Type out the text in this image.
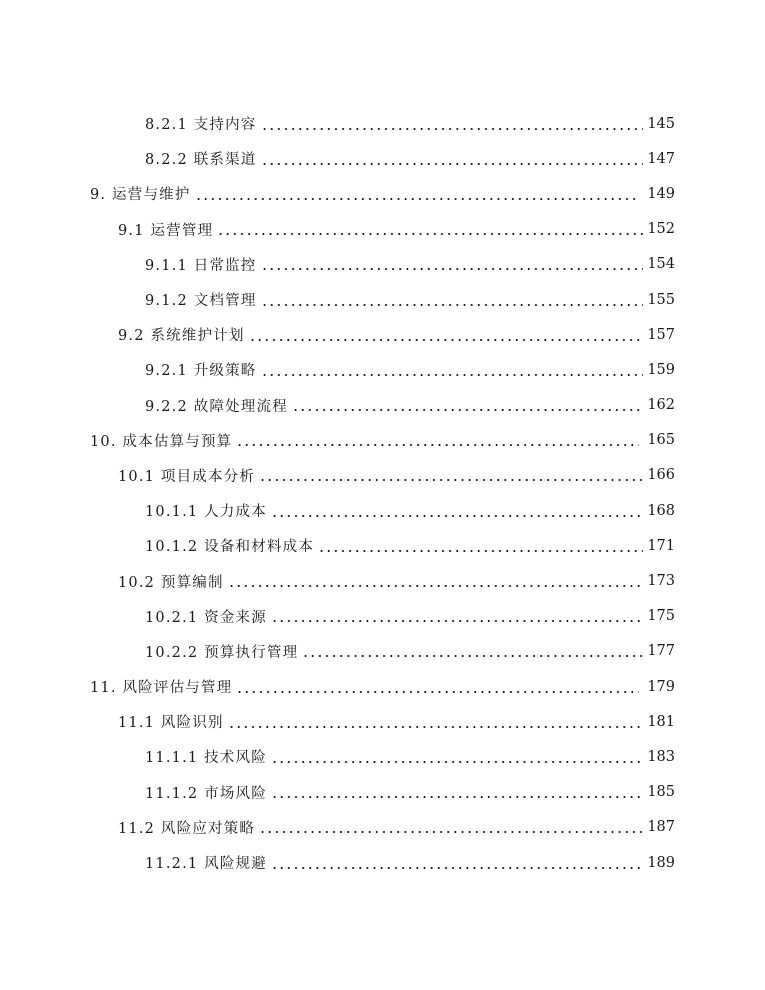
8.2.1 支持内容	145
8.2.2 联系渠道	147
9. 运营与维护	149
9.1 运营管理	152
9.1.1 日常监控	154
9.1.2 文档管理	155
9.2 系统维护计划	157
9.2.1 升级策略	159
9.2.2 故障处理流程	162
10. 成本估算与预算	165
10.1 项目成本分析	166
10.1.1 人力成本	168
10.1.2 设备和材料成本	171
10.2 预算编制	173
10.2.1 资金来源	175
10.2.2 预算执行管理	177
11. 风险评估与管理	179
11.1 风险识别	181
11.1.1 技术风险	183
11.1.2 市场风险	185
11.2 风险应对策略	187
11.2.1 风险规避	189
